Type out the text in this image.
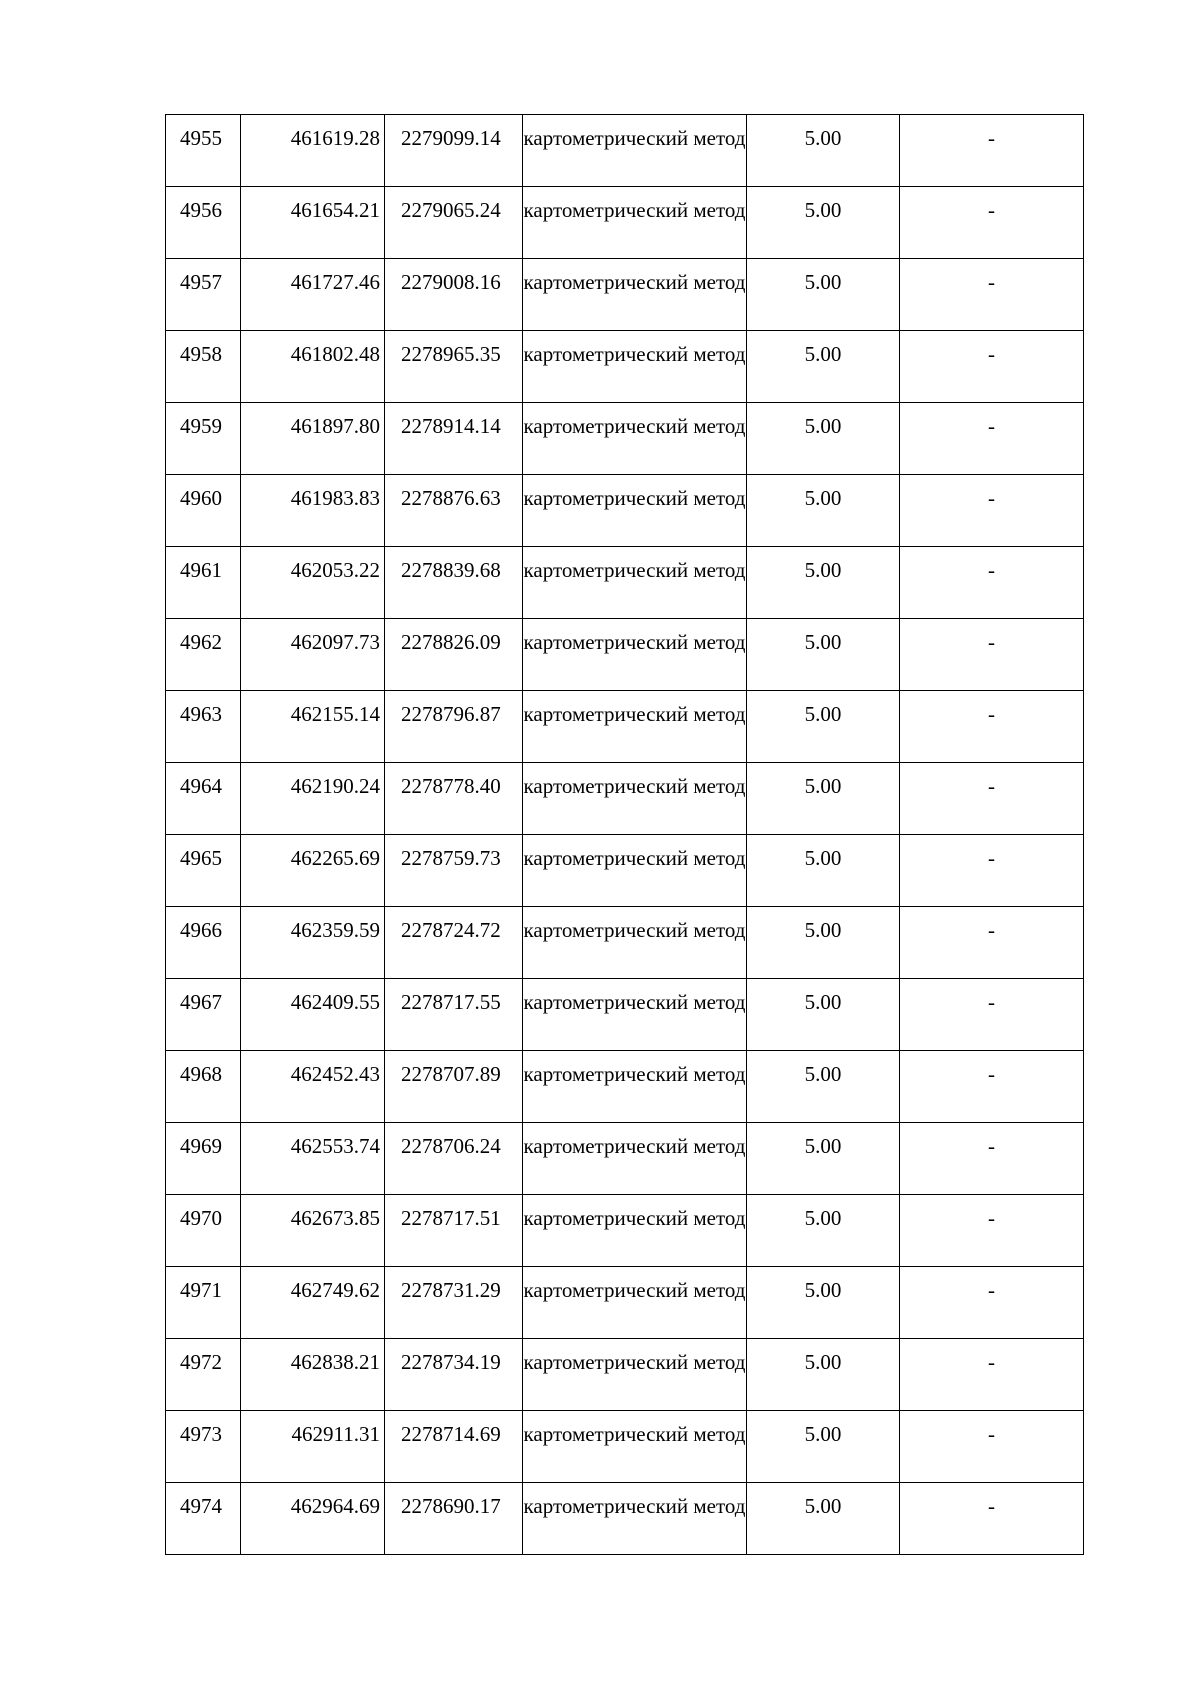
4955	461619.28	2279099.14	картометрический метод	5.00	-
4956	461654.21	2279065.24	картометрический метод	5.00	-
4957	461727.46	2279008.16	картометрический метод	5.00	-
4958	461802.48	2278965.35	картометрический метод	5.00	-
4959	461897.80	2278914.14	картометрический метод	5.00	-
4960	461983.83	2278876.63	картометрический метод	5.00	-
4961	462053.22	2278839.68	картометрический метод	5.00	-
4962	462097.73	2278826.09	картометрический метод	5.00	-
4963	462155.14	2278796.87	картометрический метод	5.00	-
4964	462190.24	2278778.40	картометрический метод	5.00	-
4965	462265.69	2278759.73	картометрический метод	5.00	-
4966	462359.59	2278724.72	картометрический метод	5.00	-
4967	462409.55	2278717.55	картометрический метод	5.00	-
4968	462452.43	2278707.89	картометрический метод	5.00	-
4969	462553.74	2278706.24	картометрический метод	5.00	-
4970	462673.85	2278717.51	картометрический метод	5.00	-
4971	462749.62	2278731.29	картометрический метод	5.00	-
4972	462838.21	2278734.19	картометрический метод	5.00	-
4973	462911.31	2278714.69	картометрический метод	5.00	-
4974	462964.69	2278690.17	картометрический метод	5.00	-
